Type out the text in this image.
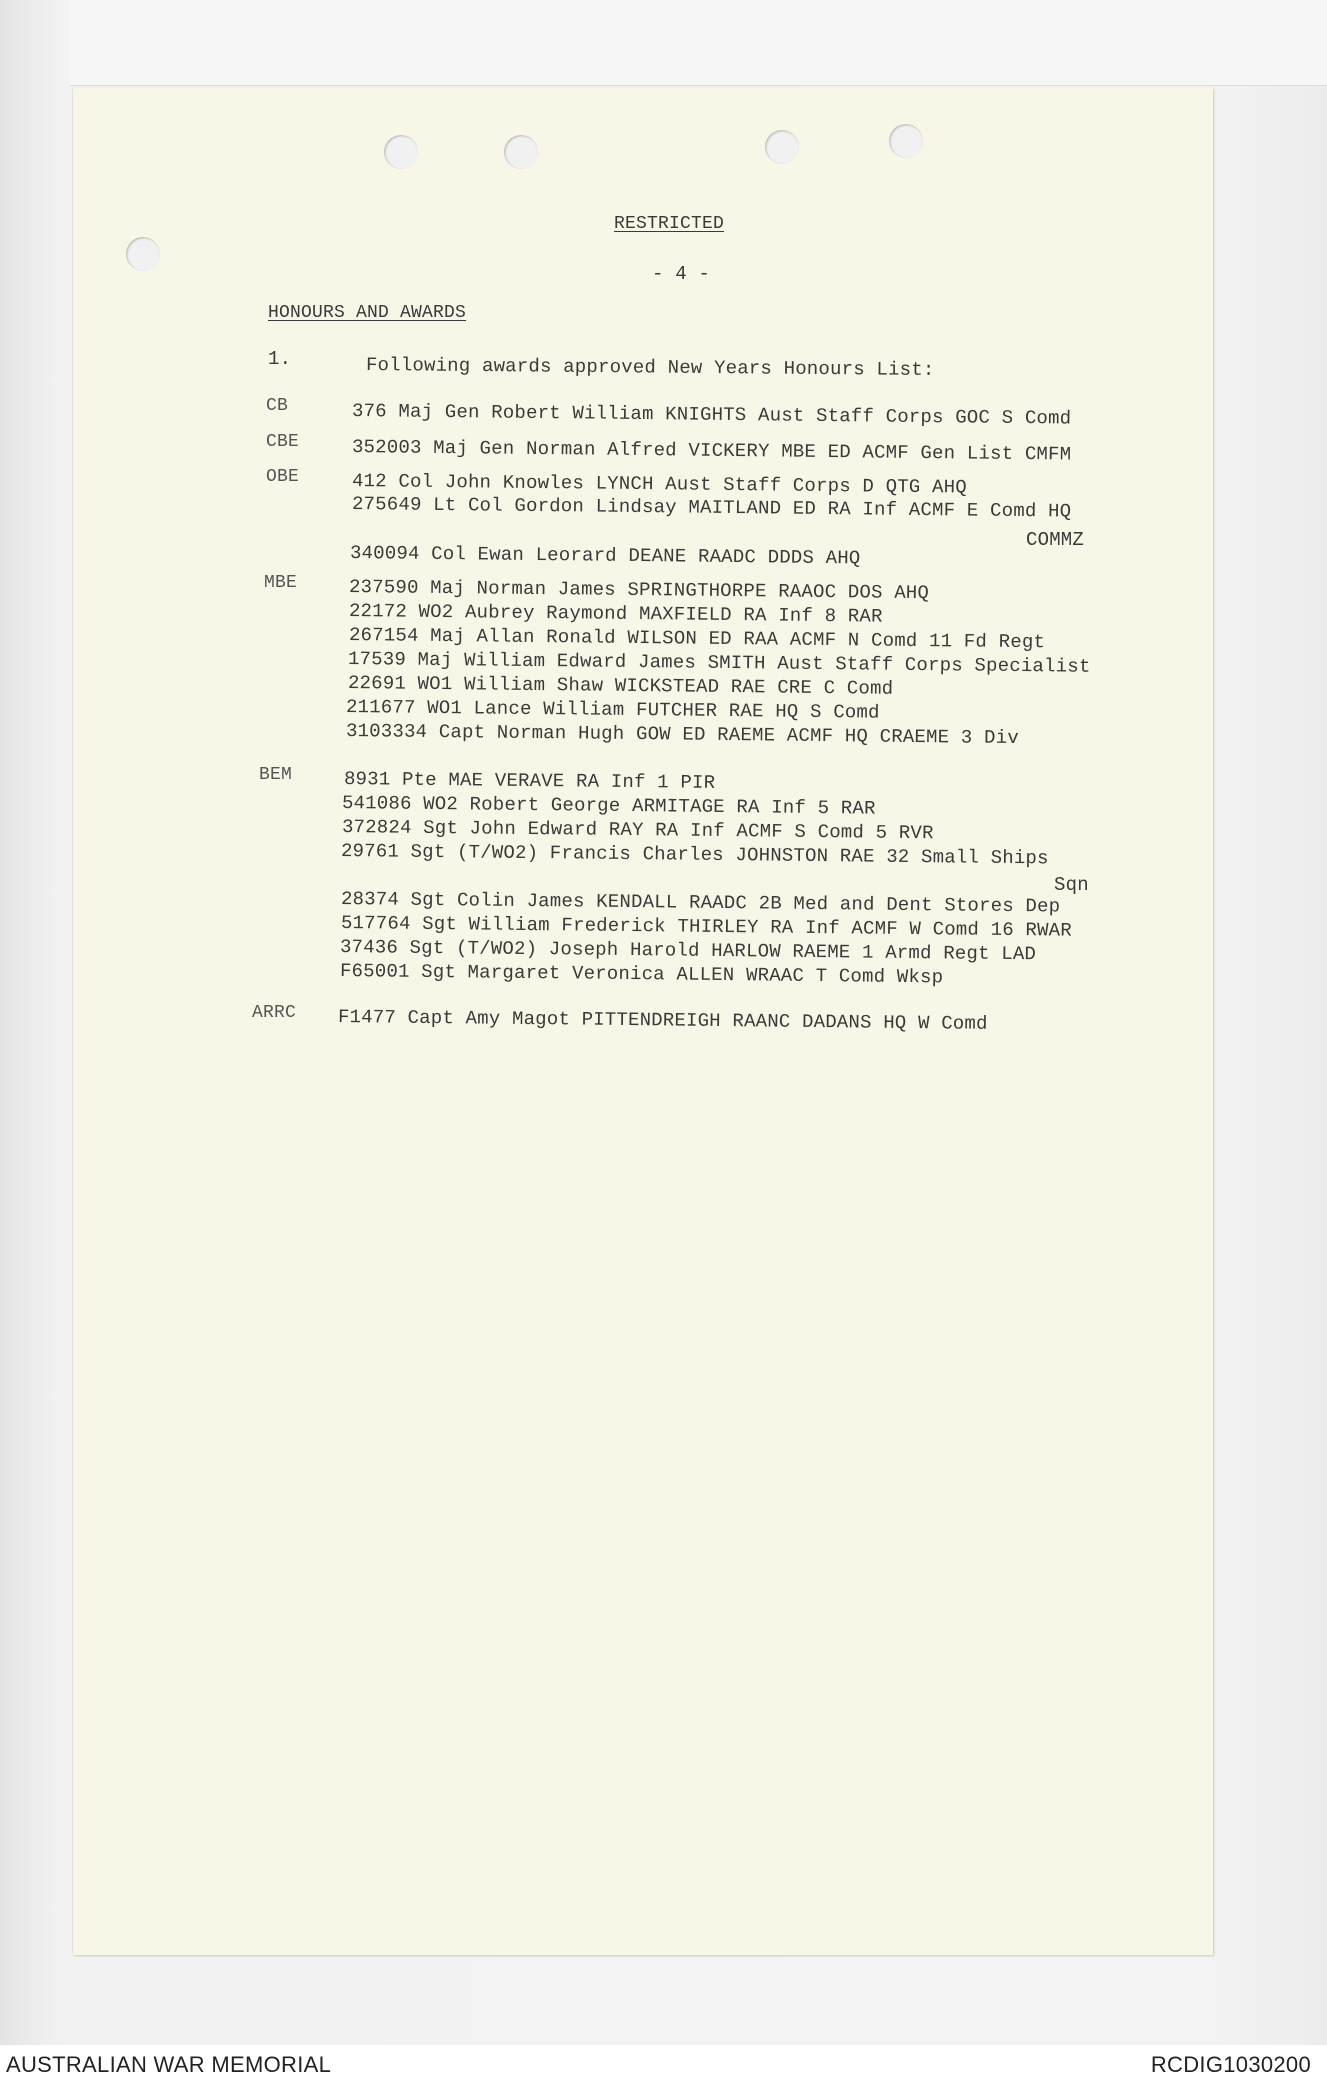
RESTRICTED
- 4 -
HONOURS AND AWARDS
1.	Following awards approved New Years Honours List:
CB	376 Maj Gen Robert William KNIGHTS Aust Staff Corps GOC S Comd
CBE	352003 Maj Gen Norman Alfred VICKERY MBE ED ACMF Gen List CMFM
OBE	412 Col John Knowles LYNCH Aust Staff Corps D QTG AHQ
275649 Lt Col Gordon Lindsay MAITLAND ED RA Inf ACMF E Comd HQ
COMMZ
340094 Col Ewan Leorard DEANE RAADC DDDS AHQ
MBE	237590 Maj Norman James SPRINGTHORPE RAAOC DOS AHQ
22172 WO2 Aubrey Raymond MAXFIELD RA Inf 8 RAR
267154 Maj Allan Ronald WILSON ED RAA ACMF N Comd 11 Fd Regt
17539 Maj William Edward James SMITH Aust Staff Corps Specialist
22691 WO1 William Shaw WICKSTEAD RAE CRE C Comd
211677 WO1 Lance William FUTCHER RAE HQ S Comd
3103334 Capt Norman Hugh GOW ED RAEME ACMF HQ CRAEME 3 Div
BEM	8931 Pte MAE VERAVE RA Inf 1 PIR
541086 WO2 Robert George ARMITAGE RA Inf 5 RAR
372824 Sgt John Edward RAY RA Inf ACMF S Comd 5 RVR
29761 Sgt (T/WO2) Francis Charles JOHNSTON RAE 32 Small Ships
Sqn
28374 Sgt Colin James KENDALL RAADC 2B Med and Dent Stores Dep
517764 Sgt William Frederick THIRLEY RA Inf ACMF W Comd 16 RWAR
37436 Sgt (T/WO2) Joseph Harold HARLOW RAEME 1 Armd Regt LAD
F65001 Sgt Margaret Veronica ALLEN WRAAC T Comd Wksp
ARRC F1477 Capt Amy Magot PITTENDREIGH RAANC DADANS HQ W Comd
AUSTRALIAN WAR MEMORIAL	RCDIG1030200
